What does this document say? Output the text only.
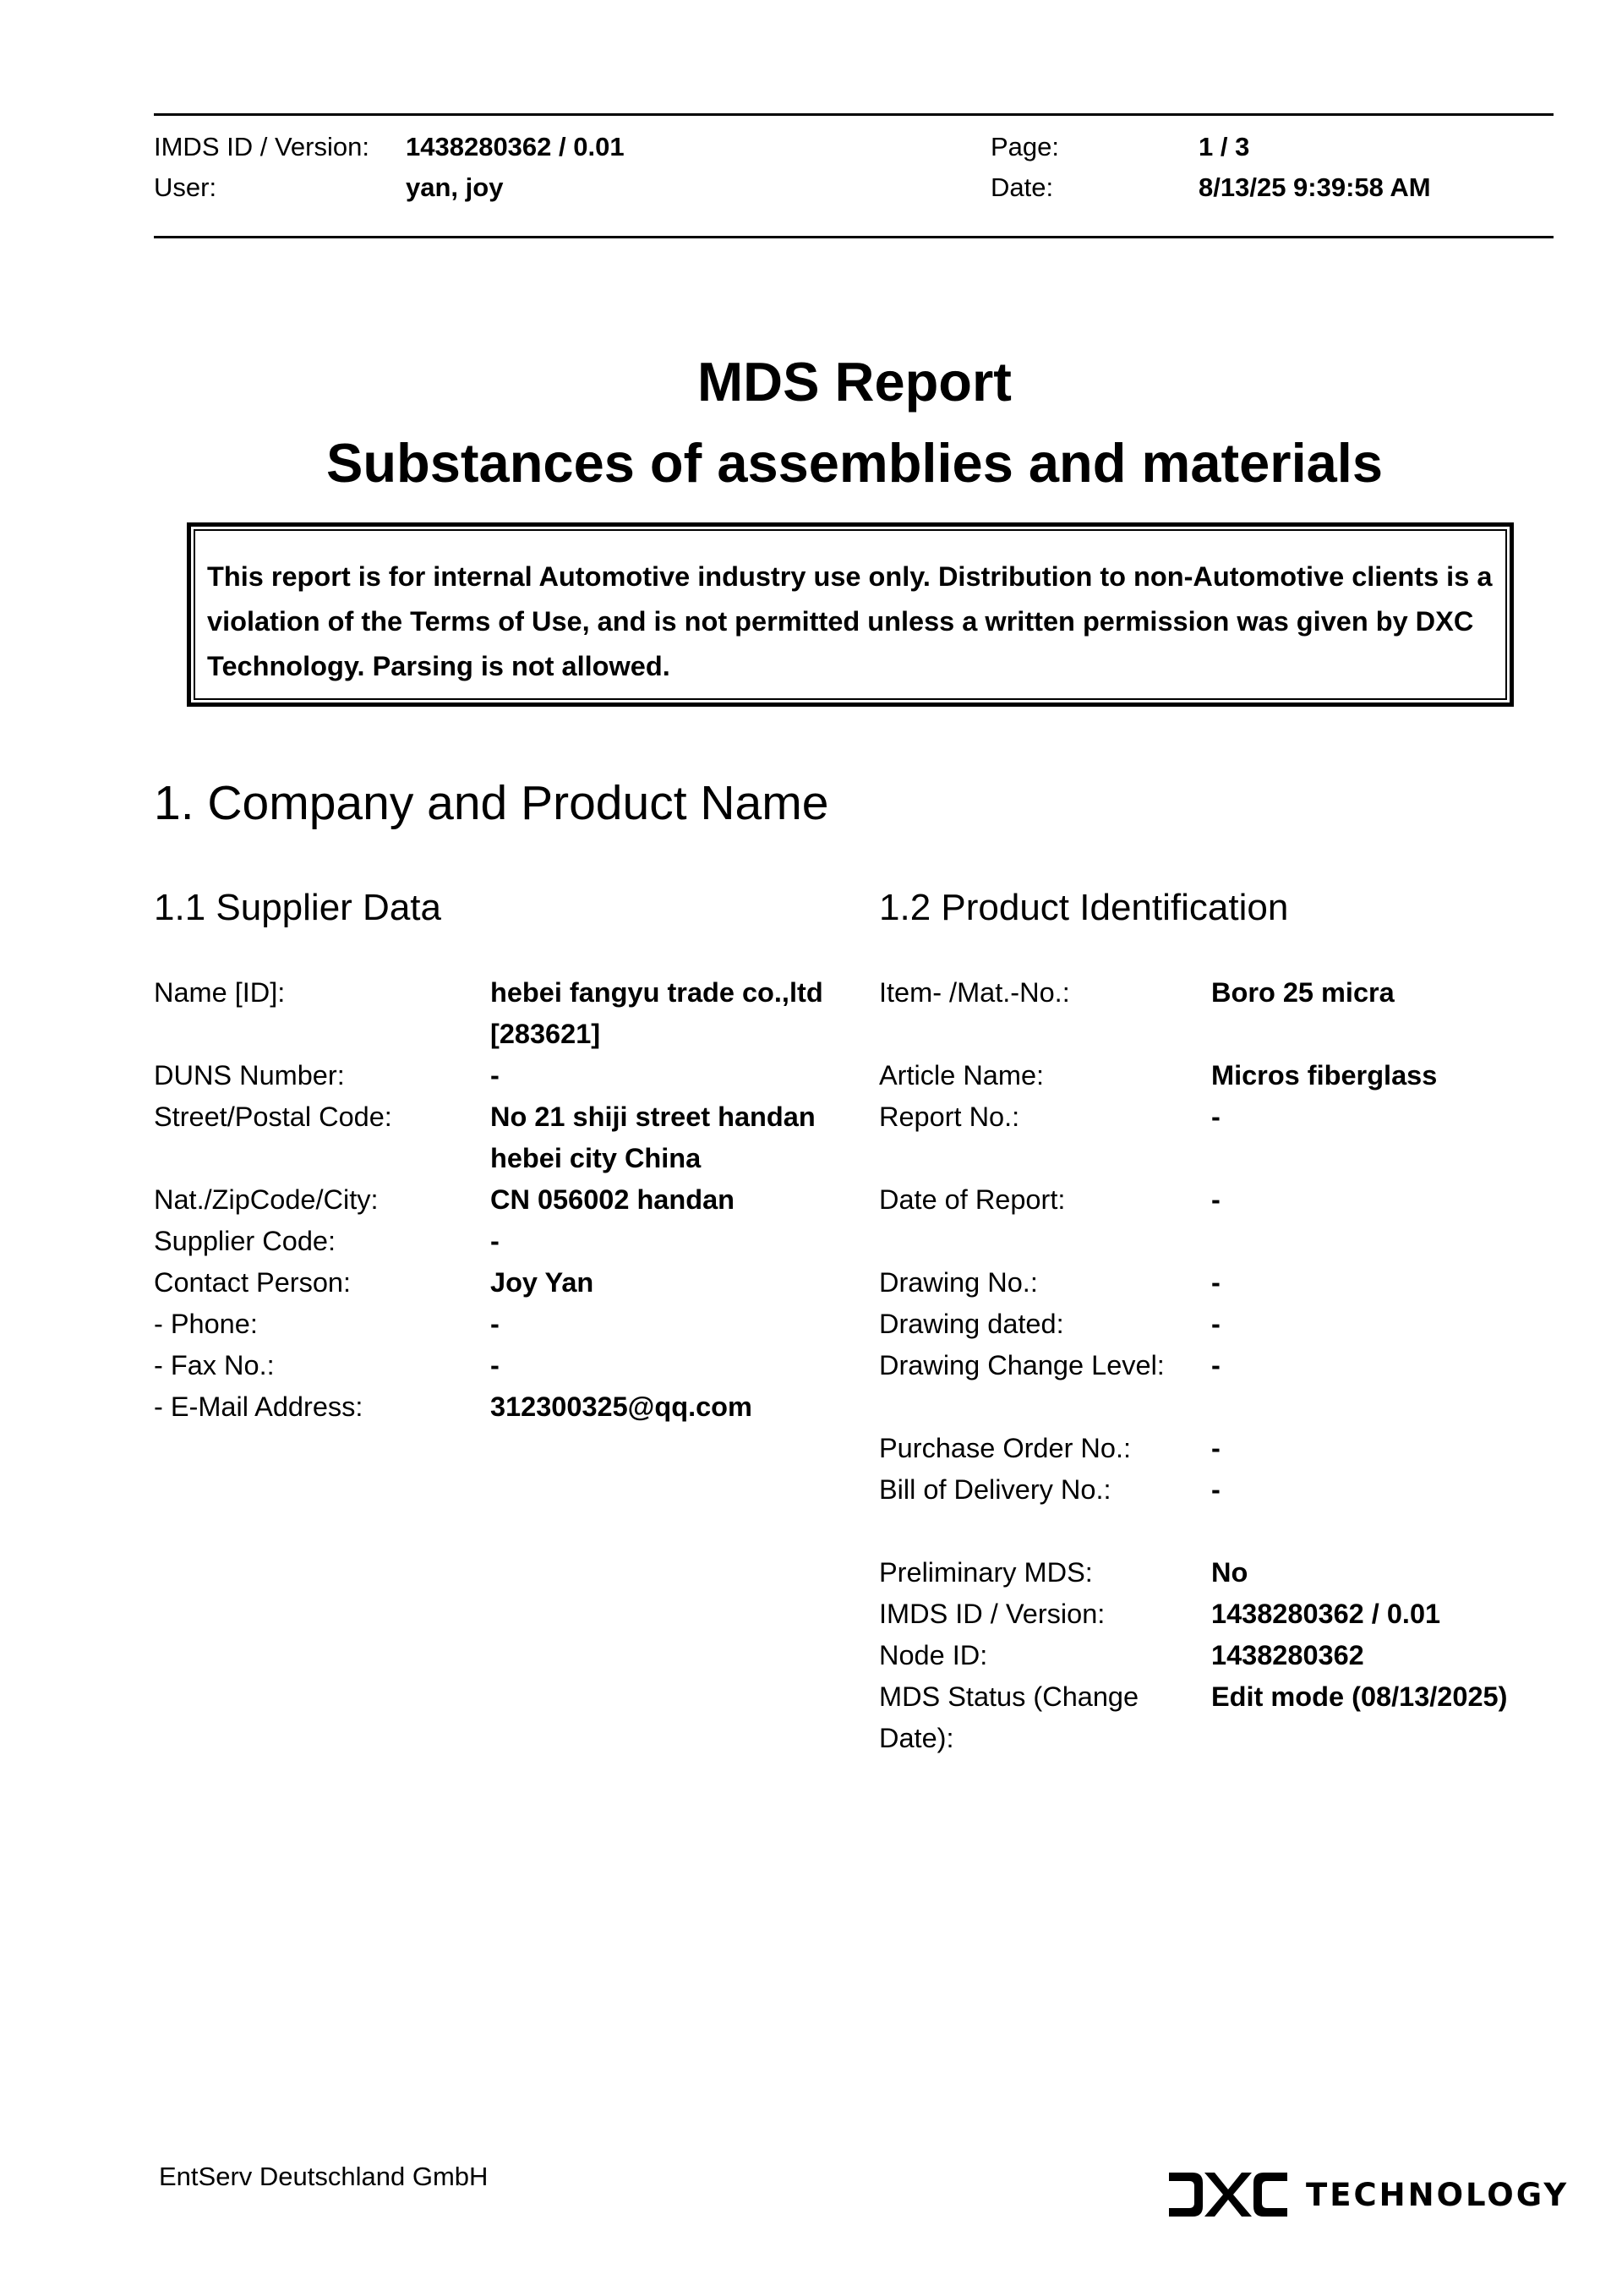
IMDS ID / Version: 1438280362 / 0.01
User:	yan, joy
Page:	1 / 3
Date:	8/13/25 9:39:58 AM
MDS Report
Substances of assemblies and materials
This report is for internal Automotive industry use only. Distribution to non-Automotive clients is a violation of the Terms of Use, and is not permitted unless a written permission was given by DXC Technology. Parsing is not allowed.
1. Company and Product Name
1.1 Supplier Data
Name [ID]:	hebei fangyu trade co.,ltd [283621]
DUNS Number:	-
Street/Postal Code:	No 21 shiji street handan hebei city China
Nat./ZipCode/City:	CN 056002 handan
Supplier Code:	-
Contact Person:	Joy Yan
- Phone:	-
- Fax No.:	-
- E-Mail Address:	312300325@qq.com
1.2 Product Identification
Item- /Mat.-No.:	Boro 25 micra
Article Name:	Micros fiberglass
Report No.:	-
Date of Report:	-
Drawing No.:	-
Drawing dated:	-
Drawing Change Level:	-
Purchase Order No.:	-
Bill of Delivery No.:	-
Preliminary MDS:	No
IMDS ID / Version:	1438280362 / 0.01
Node ID:	1438280362
MDS Status (Change Date):
Edit mode (08/13/2025)
EntServ Deutschland GmbH	TECHNOLOGY
